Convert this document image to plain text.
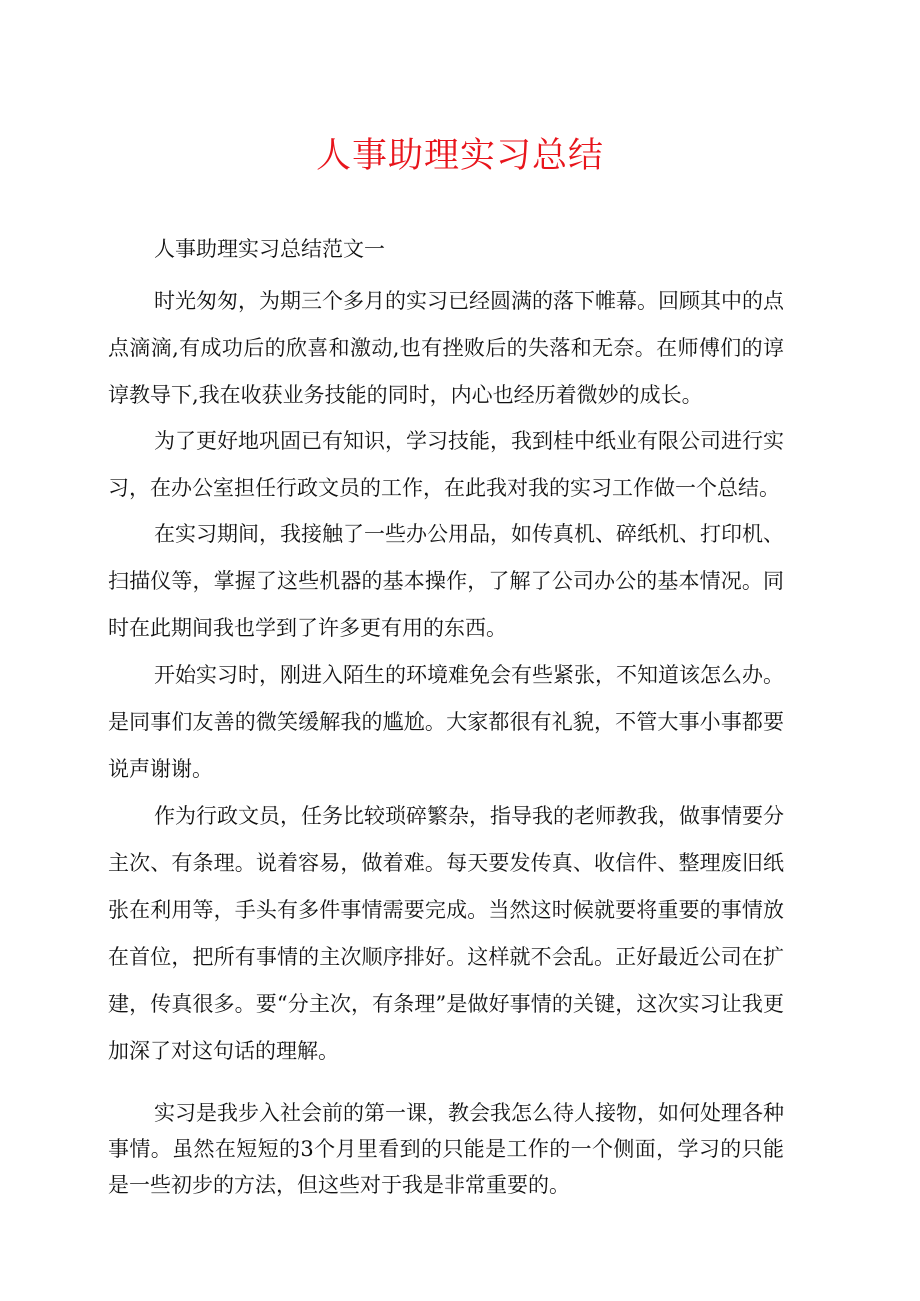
人事助理实习总结

人事助理实习总结范文一

时光匆匆，为期三个多月的实习已经圆满的落下帷幕。回顾其中的点点滴滴,有成功后的欣喜和激动,也有挫败后的失落和无奈。在师傅们的谆谆教导下,我在收获业务技能的同时，内心也经历着微妙的成长。

为了更好地巩固已有知识，学习技能，我到桂中纸业有限公司进行实习，在办公室担任行政文员的工作，在此我对我的实习工作做一个总结。

在实习期间，我接触了一些办公用品，如传真机、碎纸机、打印机、扫描仪等，掌握了这些机器的基本操作，了解了公司办公的基本情况。同时在此期间我也学到了许多更有用的东西。

开始实习时，刚进入陌生的环境难免会有些紧张，不知道该怎么办。是同事们友善的微笑缓解我的尴尬。大家都很有礼貌，不管大事小事都要说声谢谢。

作为行政文员，任务比较琐碎繁杂，指导我的老师教我，做事情要分主次、有条理。说着容易，做着难。每天要发传真、收信件、整理废旧纸张在利用等，手头有多件事情需要完成。当然这时候就要将重要的事情放在首位，把所有事情的主次顺序排好。这样就不会乱。正好最近公司在扩建，传真很多。要“分主次，有条理”是做好事情的关键，这次实习让我更加深了对这句话的理解。

实习是我步入社会前的第一课，教会我怎么待人接物，如何处理各种事情。虽然在短短的3个月里看到的只能是工作的一个侧面，学习的只能是一些初步的方法，但这些对于我是非常重要的。
